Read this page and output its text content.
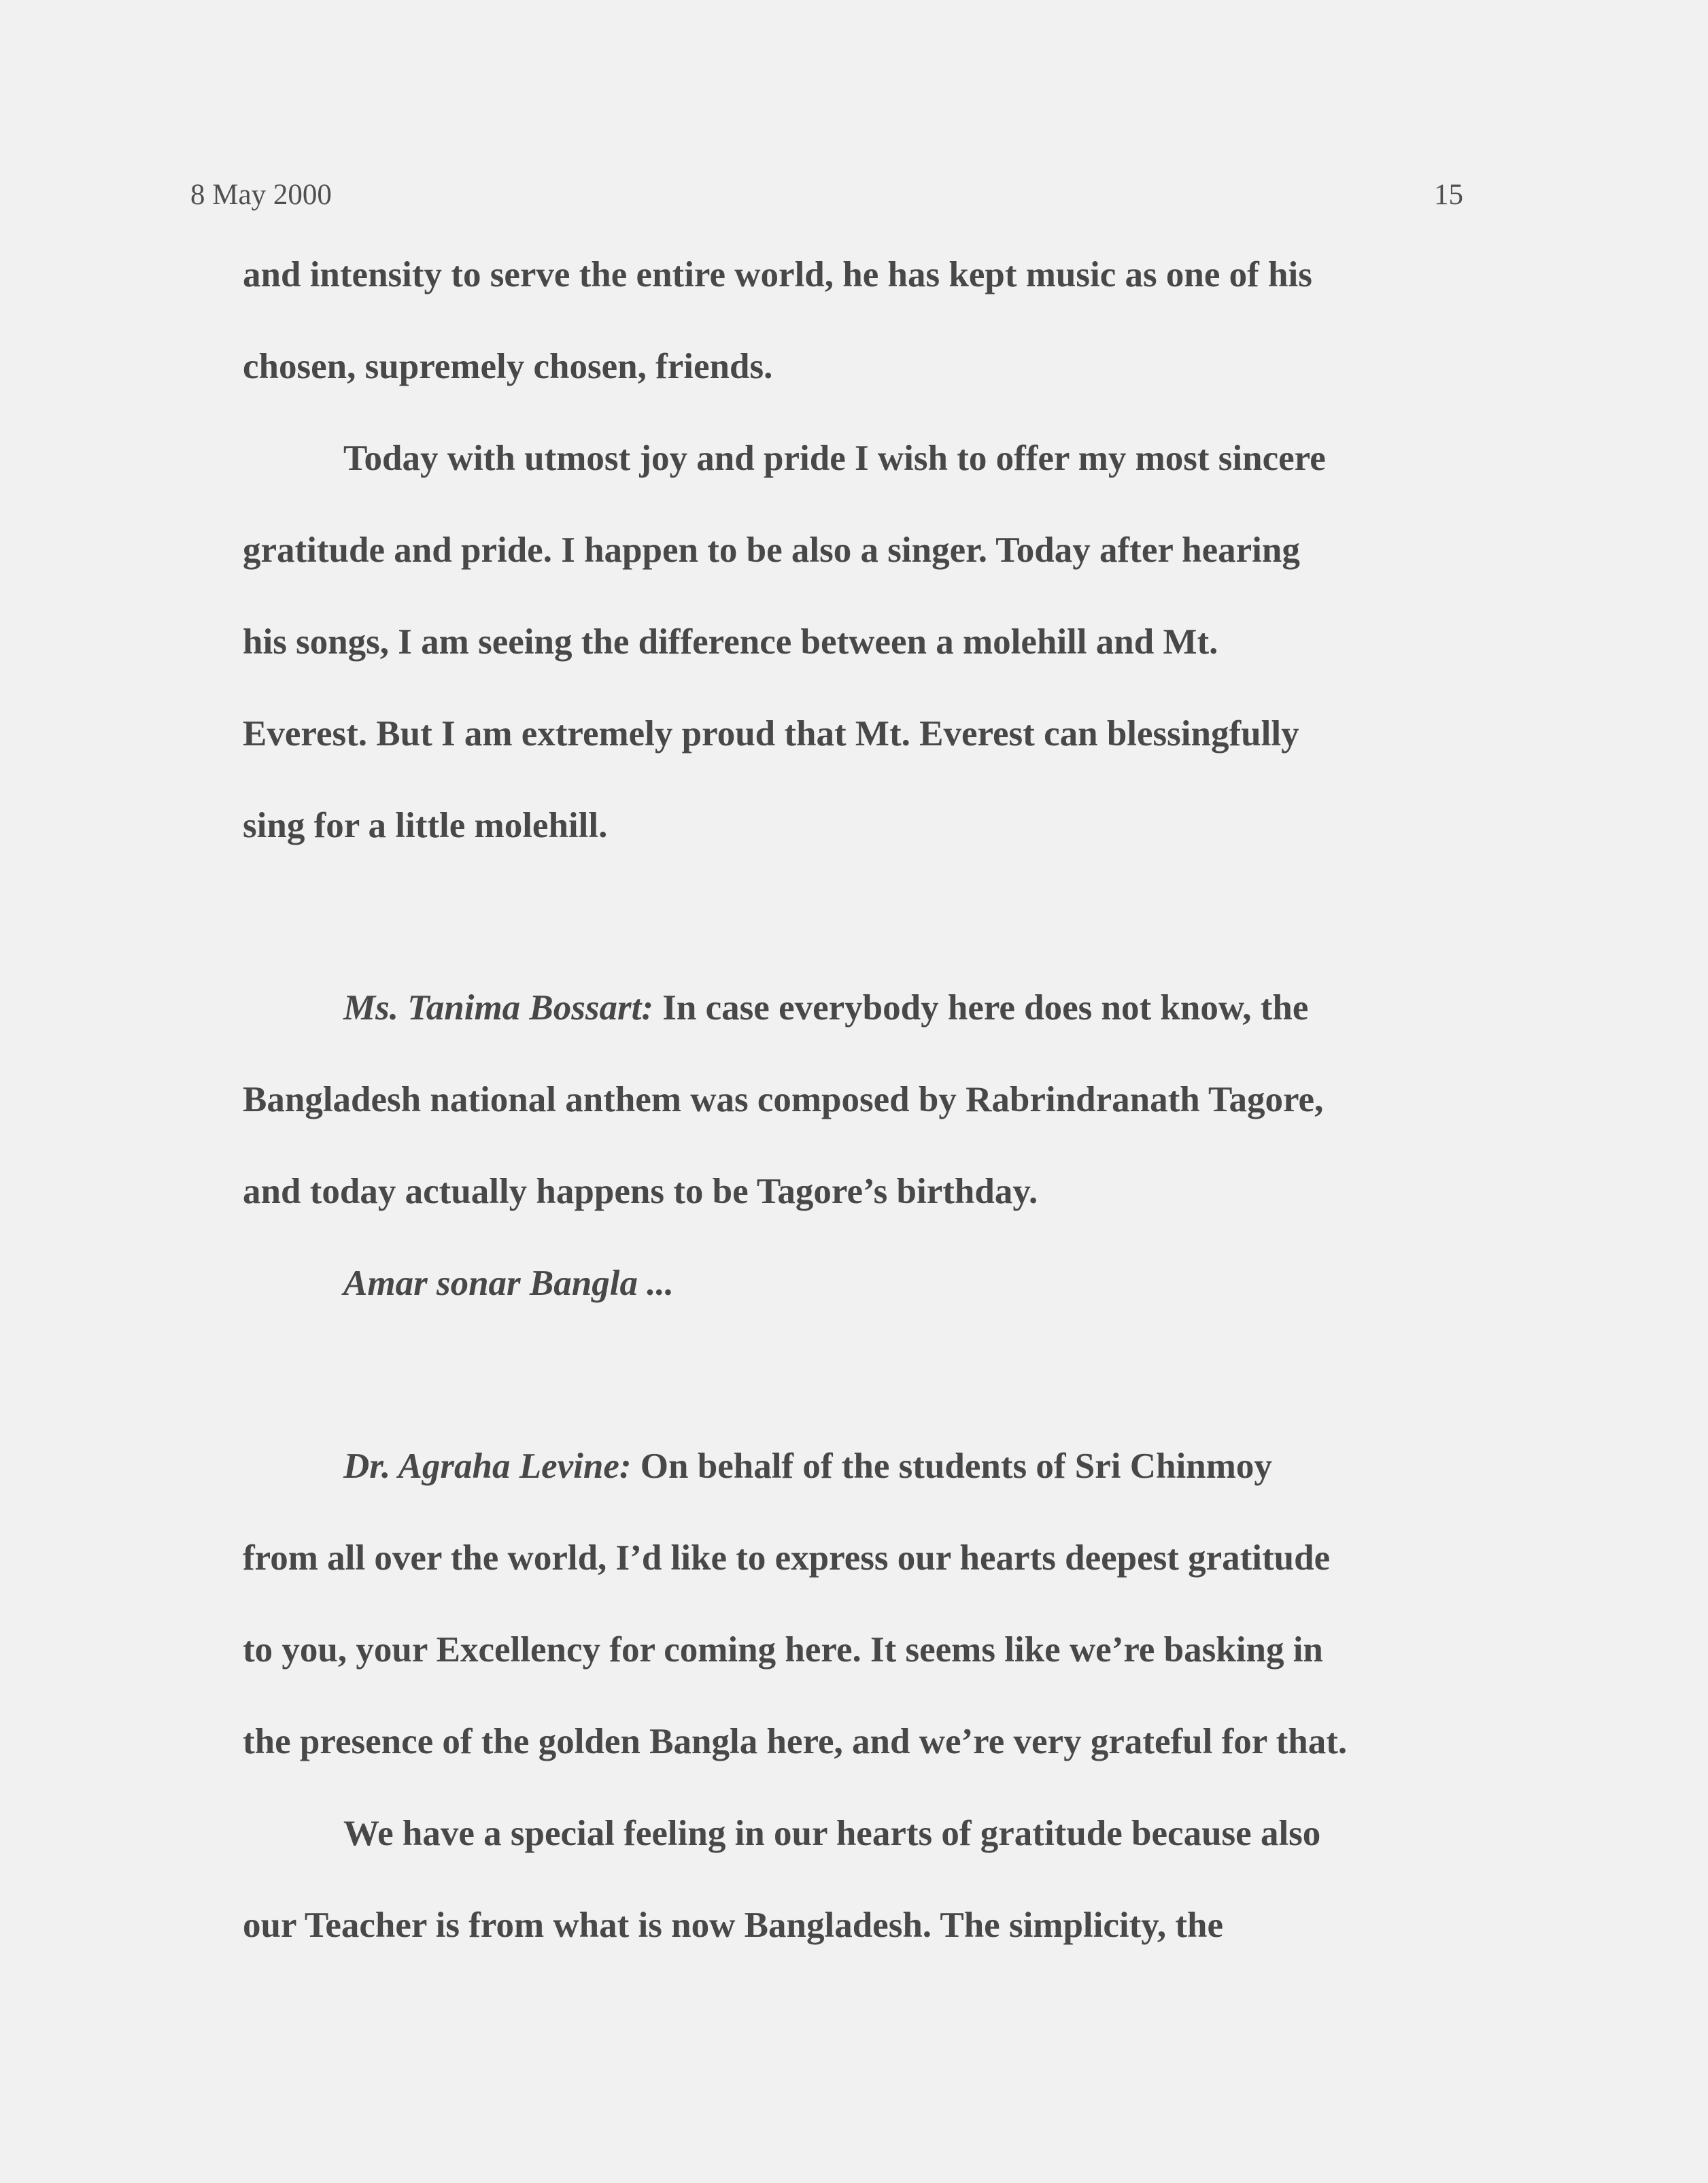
8 May 2000	15
and intensity to serve the entire world, he has kept music as one of his
chosen, supremely chosen, friends.
Today with utmost joy and pride I wish to offer my most sincere
gratitude and pride. I happen to be also a singer. Today after hearing
his songs, I am seeing the difference between a molehill and Mt.
Everest. But I am extremely proud that Mt. Everest can blessingfully
sing for a little molehill.
Ms. Tanima Bossart: In case everybody here does not know, the
Bangladesh national anthem was composed by Rabrindranath Tagore,
and today actually happens to be Tagore’s birthday.
Amar sonar Bangla ...
Dr. Agraha Levine: On behalf of the students of Sri Chinmoy
from all over the world, I’d like to express our hearts deepest gratitude
to you, your Excellency for coming here. It seems like we’re basking in
the presence of the golden Bangla here, and we’re very grateful for that.
We have a special feeling in our hearts of gratitude because also
our Teacher is from what is now Bangladesh. The simplicity, the
